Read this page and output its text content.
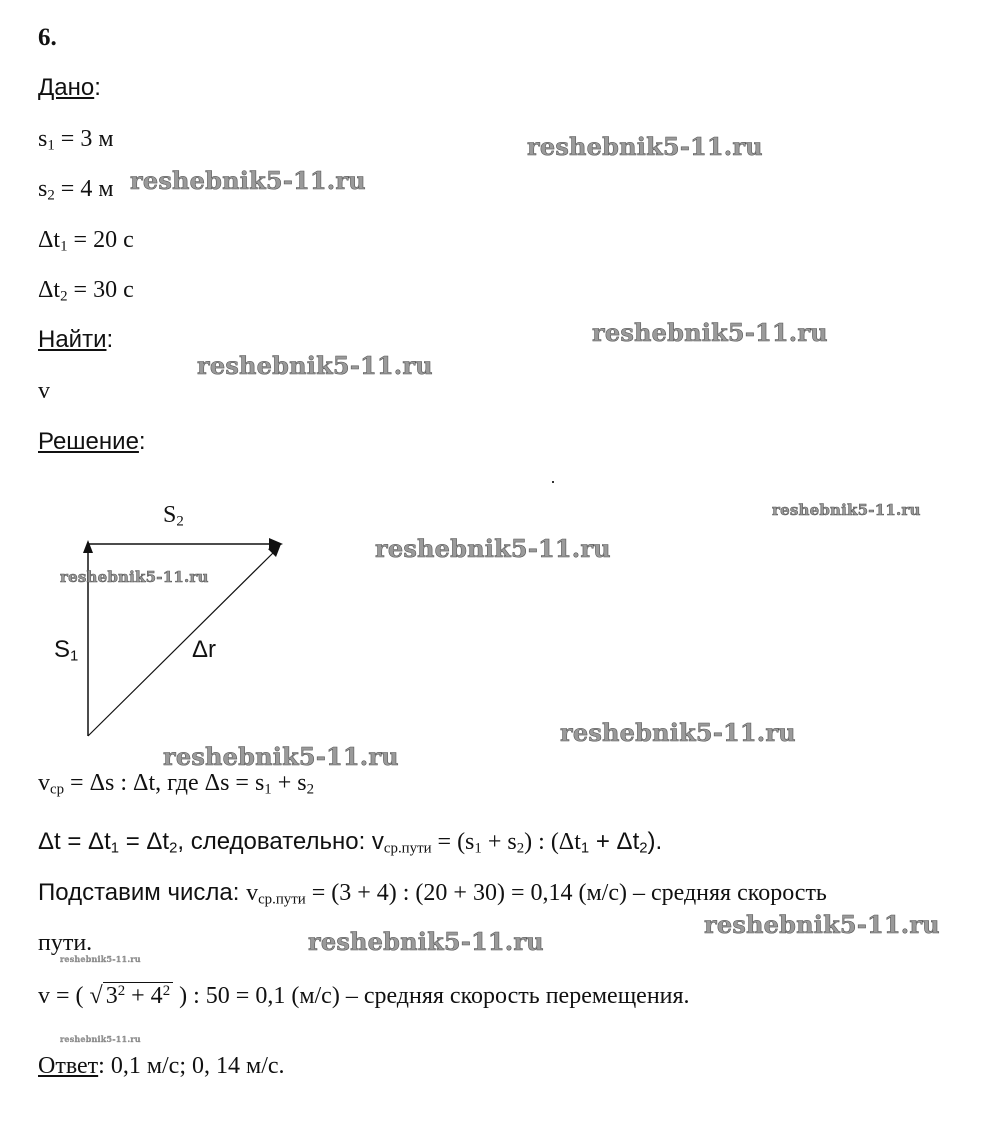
6.
Дано:
$s_1 = 3$ м
$s_2 = 4$ м
$\Delta t_1 = 20$ с
$\Delta t_2 = 30$ с
Найти:
v
Решение:
$S_2$
$S_1$	Δr
$v_{ср} = \Delta s$ : Δt, где $\Delta s = s_1 + s_2$
$\Delta t = \Delta t_1 = \Delta t_2$, следовательно: $v_{ср.пути} = (s_1 + s_2)$ : $(\Delta t_1 + \Delta t_2)$.
Подставим числа: $v_{ср.пути} = (3 + 4)$ : (20 + 30) = 0,14 (м/с) – средняя скорость
пути.
v = ( √ $3^2 + 4^2$ ) : 50 = 0,1 (м/с) – средняя скорость перемещения.
Ответ: 0,1 м/с; 0, 14 м/с.
reshebnik5-11.ru
reshebnik5-11.ru
reshebnik5-11.ru
reshebnik5-11.ru
reshebnik5-11.ru
reshebnik5-11.ru
reshebnik5-11.ru
reshebnik5-11.ru
reshebnik5-11.ru
reshebnik5-11.ru
reshebnik5-11.ru
reshebnik5-11.ru
reshebnik5-11.ru
